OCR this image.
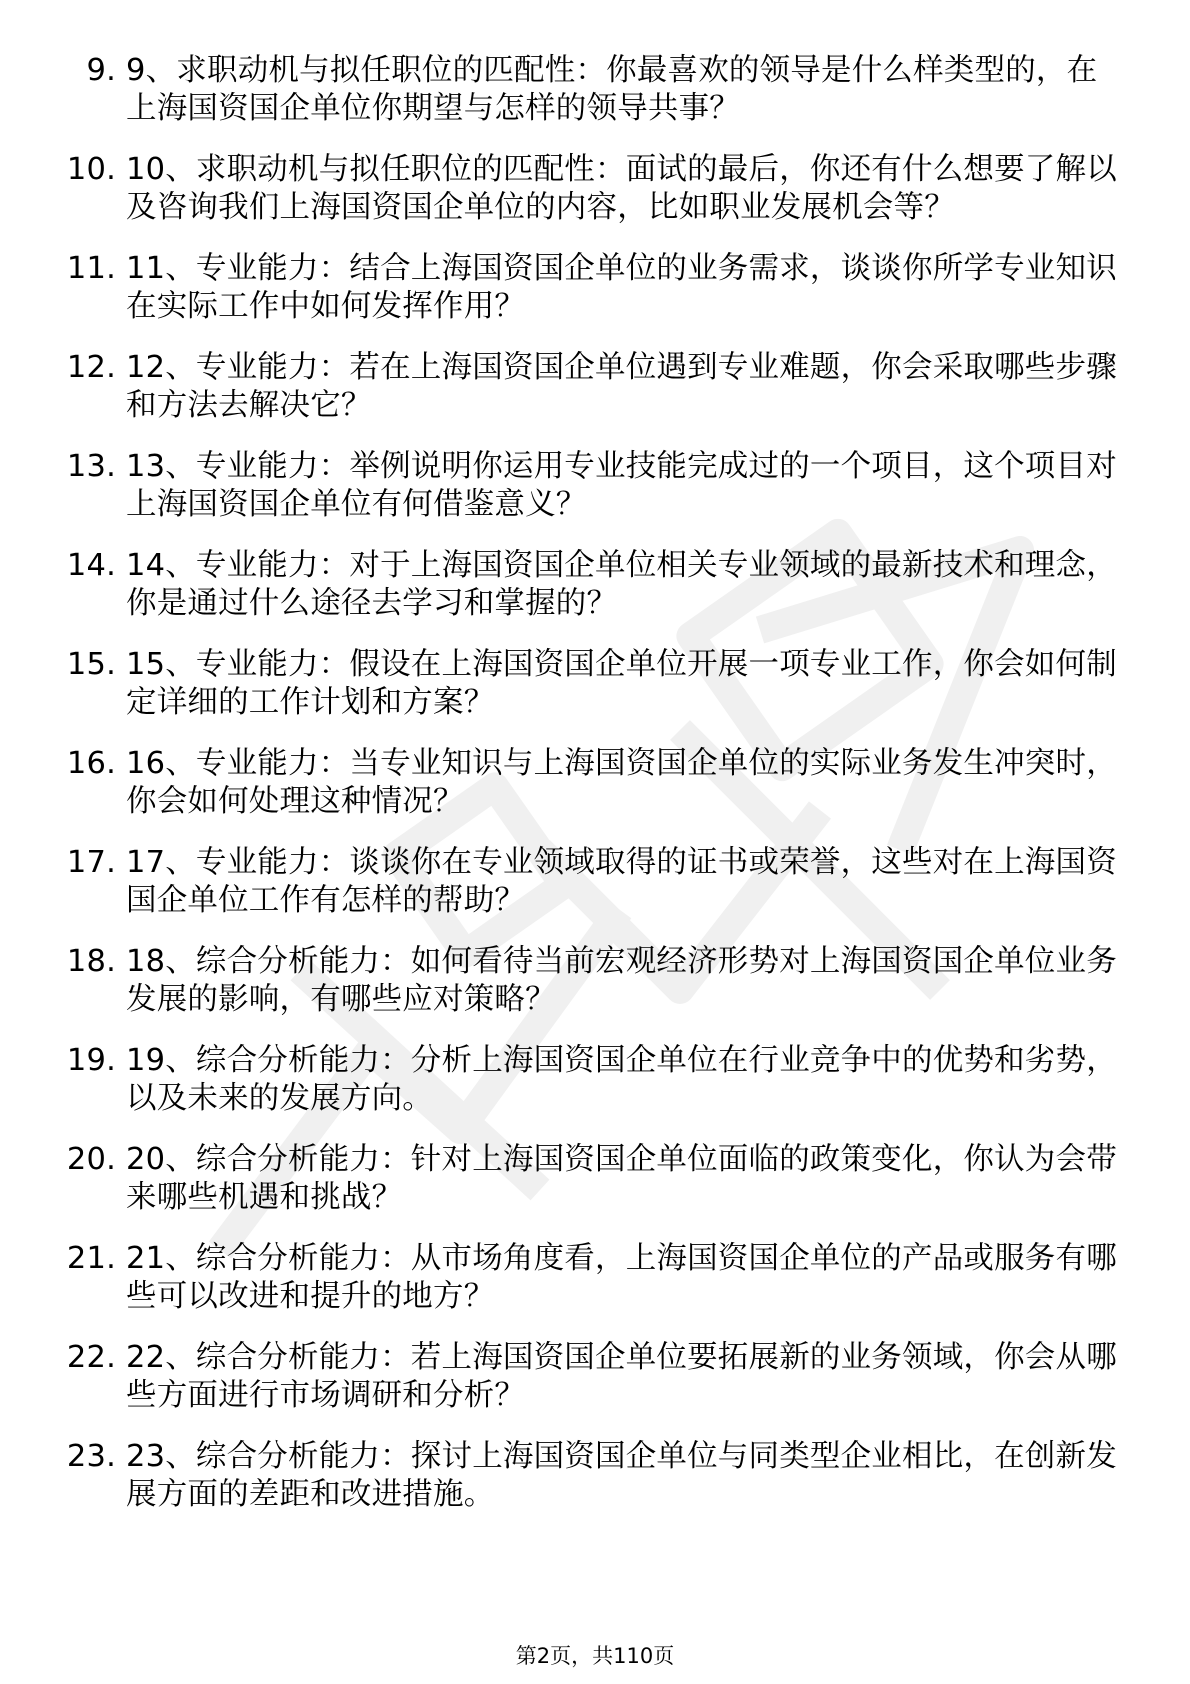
9. 9、求职动机与拟任职位的匹配性：你最喜欢的领导是什么样类型的，在上海国资国企单位你期望与怎样的领导共事？
10. 10、求职动机与拟任职位的匹配性：面试的最后，你还有什么想要了解以及咨询我们上海国资国企单位的内容，比如职业发展机会等？
11. 11、专业能力：结合上海国资国企单位的业务需求，谈谈你所学专业知识在实际工作中如何发挥作用？
12. 12、专业能力：若在上海国资国企单位遇到专业难题，你会采取哪些步骤和方法去解决它？
13. 13、专业能力：举例说明你运用专业技能完成过的一个项目，这个项目对上海国资国企单位有何借鉴意义？
14. 14、专业能力：对于上海国资国企单位相关专业领域的最新技术和理念，你是通过什么途径去学习和掌握的？
15. 15、专业能力：假设在上海国资国企单位开展一项专业工作，你会如何制定详细的工作计划和方案？
16. 16、专业能力：当专业知识与上海国资国企单位的实际业务发生冲突时，你会如何处理这种情况？
17. 17、专业能力：谈谈你在专业领域取得的证书或荣誉，这些对在上海国资国企单位工作有怎样的帮助？
18. 18、综合分析能力：如何看待当前宏观经济形势对上海国资国企单位业务发展的影响，有哪些应对策略？
19. 19、综合分析能力：分析上海国资国企单位在行业竞争中的优势和劣势，以及未来的发展方向。
20. 20、综合分析能力：针对上海国资国企单位面临的政策变化，你认为会带来哪些机遇和挑战？
21. 21、综合分析能力：从市场角度看，上海国资国企单位的产品或服务有哪些可以改进和提升的地方？
22. 22、综合分析能力：若上海国资国企单位要拓展新的业务领域，你会从哪些方面进行市场调研和分析？
23. 23、综合分析能力：探讨上海国资国企单位与同类型企业相比，在创新发展方面的差距和改进措施。
第2页，共110页
